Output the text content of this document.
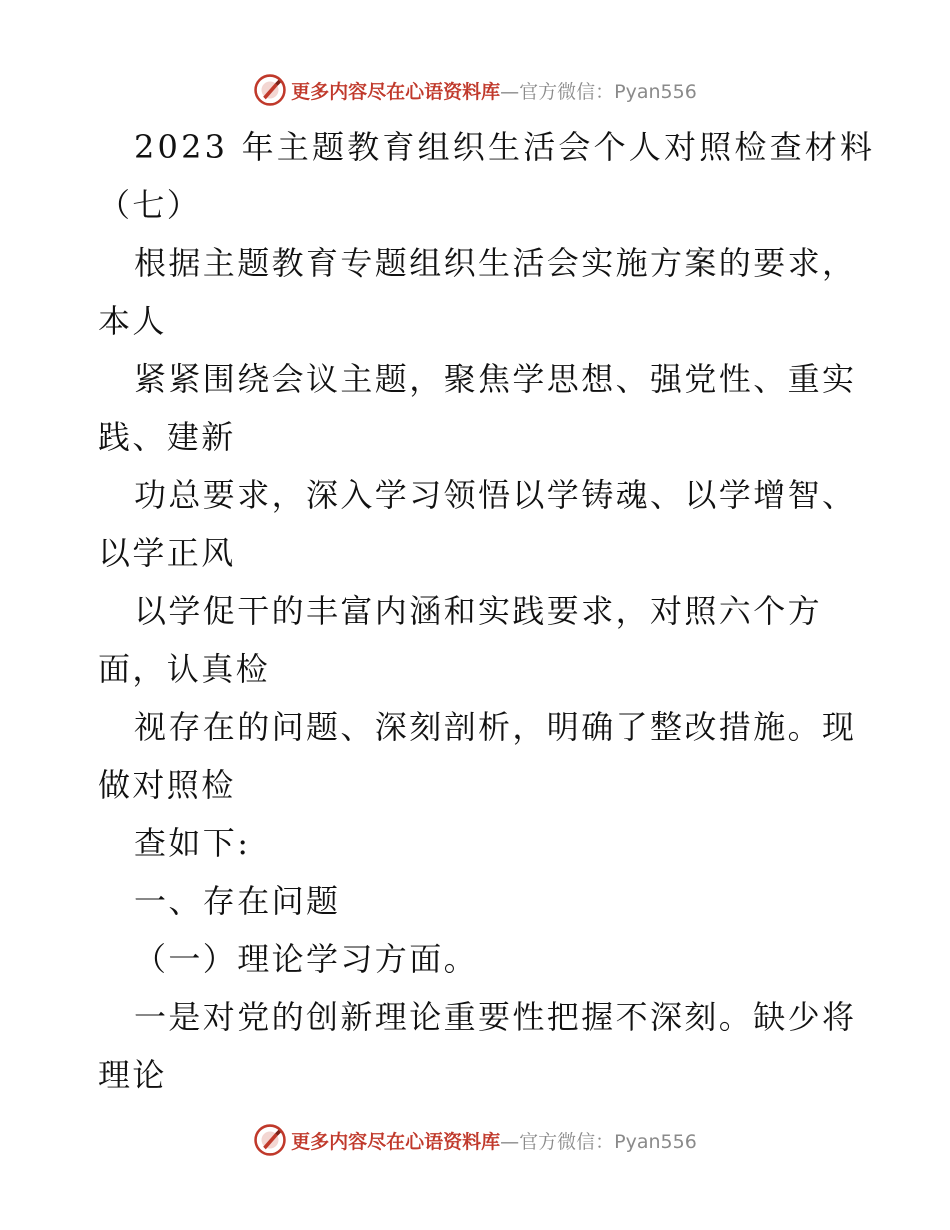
更多内容尽在心语资料库 —官方微信：Pyan556
2023 年主题教育组织生活会个人对照检查材料
（七）
根据主题教育专题组织生活会实施方案的要求，
本人
紧紧围绕会议主题，聚焦学思想、强党性、重实
践、建新
功总要求，深入学习领悟以学铸魂、以学增智、
以学正风
以学促干的丰富内涵和实践要求，对照六个方
面，认真检
视存在的问题、深刻剖析，明确了整改措施。现
做对照检
查如下:
一、存在问题
（一）理论学习方面。
一是对党的创新理论重要性把握不深刻。缺少将
理论
更多内容尽在心语资料库 —官方微信：Pyan556
